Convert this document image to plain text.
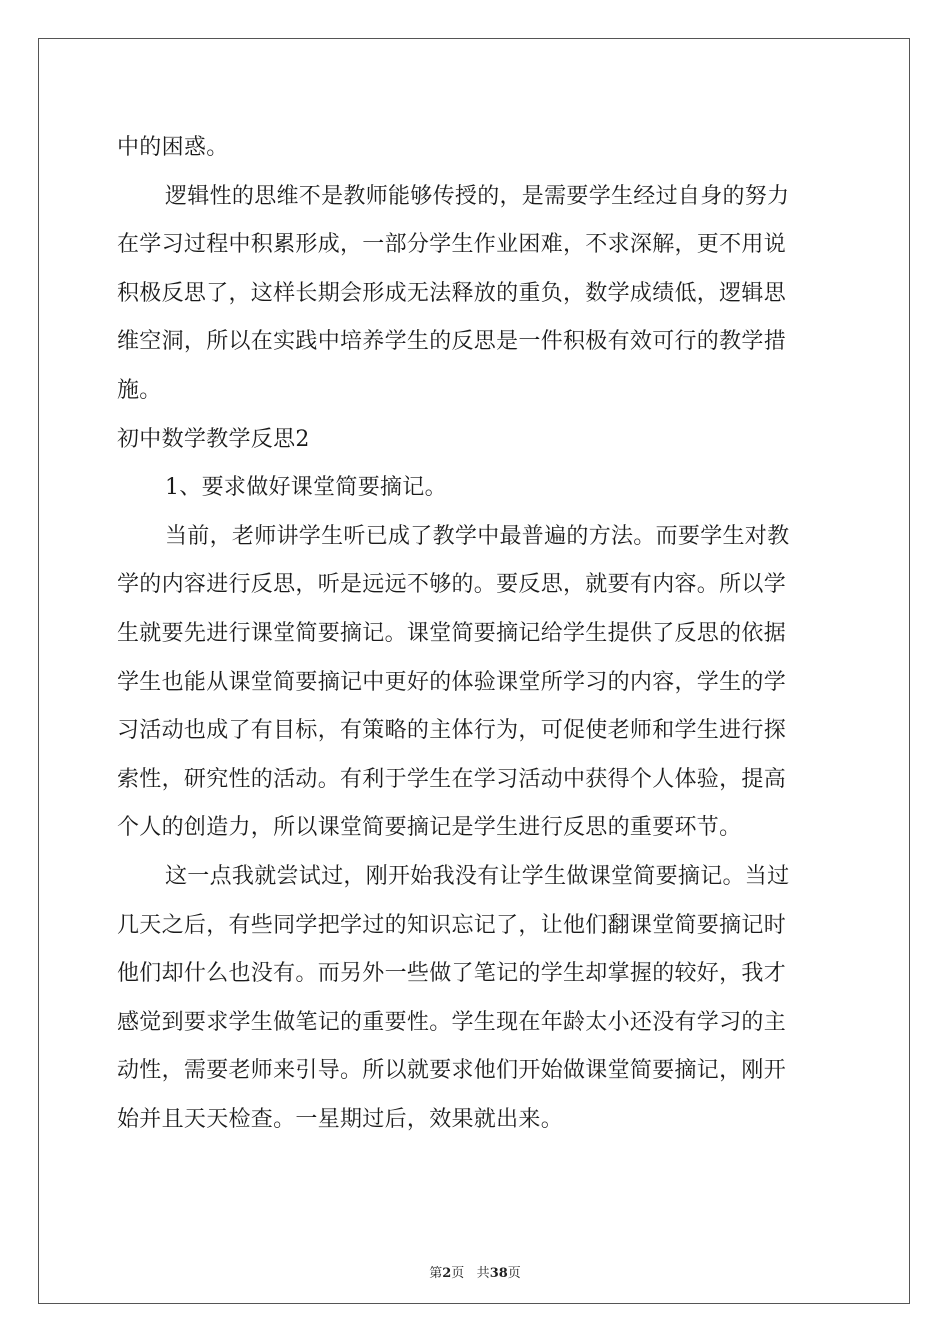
中的困惑。
逻辑性的思维不是教师能够传授的，是需要学生经过自身的努力
在学习过程中积累形成，一部分学生作业困难，不求深解，更不用说
积极反思了，这样长期会形成无法释放的重负，数学成绩低，逻辑思
维空洞，所以在实践中培养学生的反思是一件积极有效可行的教学措
施。
初中数学教学反思2
1、要求做好课堂简要摘记。
当前，老师讲学生听已成了教学中最普遍的方法。而要学生对教
学的内容进行反思，听是远远不够的。要反思，就要有内容。所以学
生就要先进行课堂简要摘记。课堂简要摘记给学生提供了反思的依据
学生也能从课堂简要摘记中更好的体验课堂所学习的内容，学生的学
习活动也成了有目标，有策略的主体行为，可促使老师和学生进行探
索性，研究性的活动。有利于学生在学习活动中获得个人体验，提高
个人的创造力，所以课堂简要摘记是学生进行反思的重要环节。
这一点我就尝试过，刚开始我没有让学生做课堂简要摘记。当过
几天之后，有些同学把学过的知识忘记了，让他们翻课堂简要摘记时
他们却什么也没有。而另外一些做了笔记的学生却掌握的较好，我才
感觉到要求学生做笔记的重要性。学生现在年龄太小还没有学习的主
动性，需要老师来引导。所以就要求他们开始做课堂简要摘记，刚开
始并且天天检查。一星期过后，效果就出来。
第2页 共38页
